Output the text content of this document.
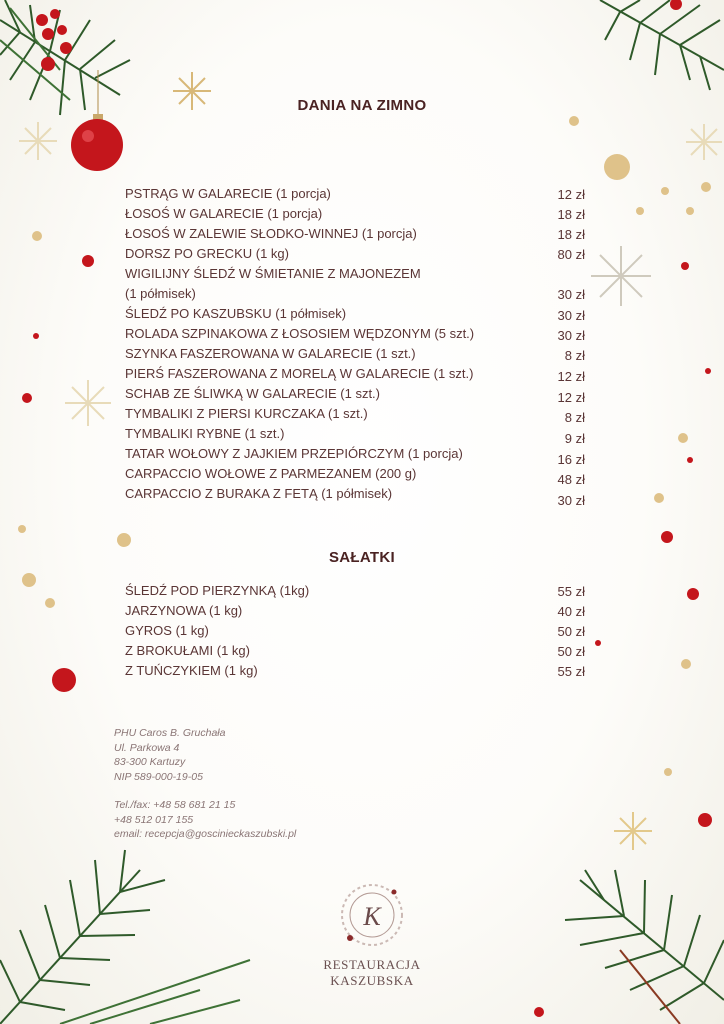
DANIA NA ZIMNO
PSTRĄG W GALARECIE (1 porcja)	12 zł
ŁOSOŚ W GALARECIE (1 porcja)	18 zł
ŁOSOŚ W ZALEWIE SŁODKO-WINNEJ (1 porcja)	18 zł
DORSZ PO GRECKU (1 kg)	80 zł
WIGILIJNY ŚLEDŹ W ŚMIETANIE Z MAJONEZEM
(1 półmisek)	30 zł
ŚLEDŹ PO KASZUBSKU (1 półmisek)	30 zł
ROLADA SZPINAKOWA Z ŁOSOSIEM WĘDZONYM (5 szt.)	30 zł
SZYNKA FASZEROWANA W GALARECIE (1 szt.)	8 zł
PIERŚ FASZEROWANA Z MORELĄ W GALARECIE (1 szt.)	12 zł
SCHAB ZE ŚLIWKĄ W GALARECIE (1 szt.)	12 zł
TYMBALIKI Z PIERSI KURCZAKA (1 szt.)	8 zł
TYMBALIKI RYBNE (1 szt.)	9 zł
TATAR WOŁOWY Z JAJKIEM PRZEPIÓRCZYM (1 porcja)	16 zł
CARPACCIO WOŁOWE Z PARMEZANEM (200 g)	48 zł
CARPACCIO Z BURAKA Z FETĄ (1 półmisek)	30 zł
SAŁATKI
ŚLEDŹ POD PIERZYNKĄ (1kg)	55 zł
JARZYNOWA (1 kg)	40 zł
GYROS (1 kg)	50 zł
Z BROKUŁAMI (1 kg)	50 zł
Z TUŃCZYKIEM (1 kg)	55 zł
PHU Caros B. Gruchała
Ul. Parkowa 4
83-300 Kartuzy
NIP 589-000-19-05
Tel./fax: +48 58 681 21 15
+48 512 017 155
email: recepcja@goscinieckaszubski.pl
K
RESTAURACJA KASZUBSKA
